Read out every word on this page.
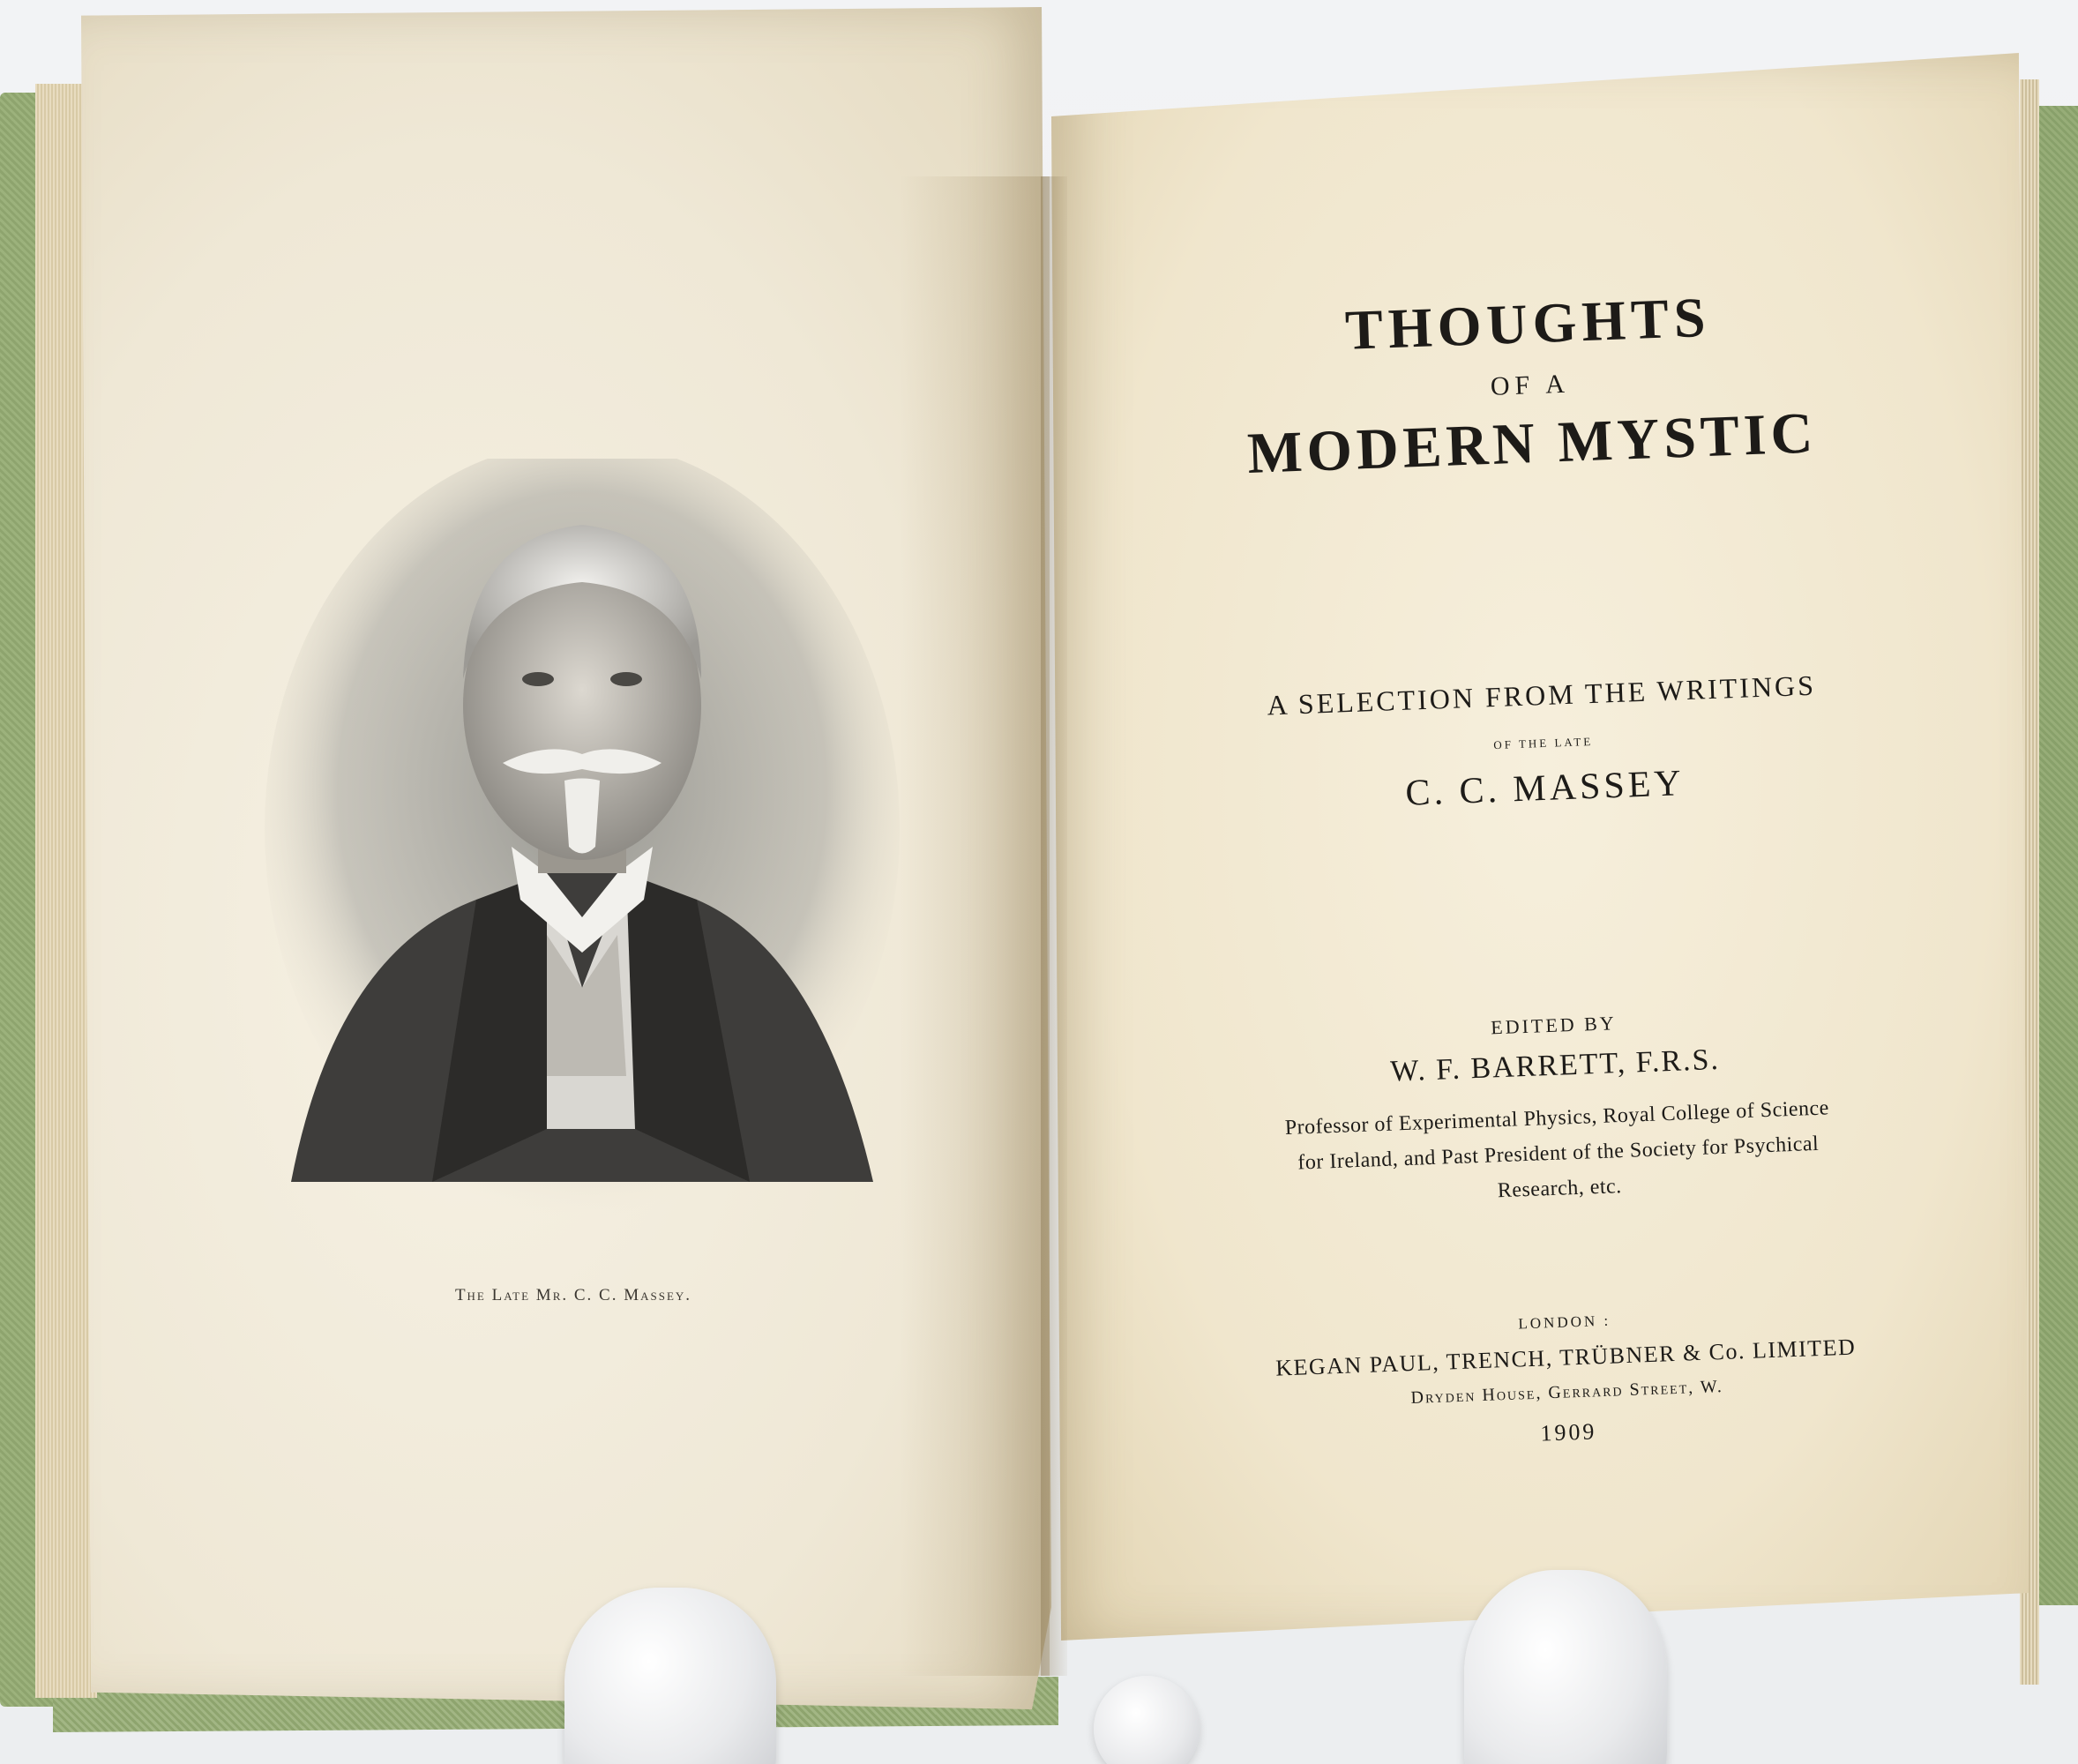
The Late Mr. C. C. Massey.
THOUGHTS
OF A
MODERN MYSTIC
A SELECTION FROM THE WRITINGS
OF THE LATE
C. C. MASSEY
EDITED BY
W. F. BARRETT, F.R.S.
Professor of Experimental Physics, Royal College of Science
for Ireland, and Past President of the Society for Psychical
Research, etc.
LONDON :
KEGAN PAUL, TRENCH, TRÜBNER & Co. LIMITED
Dryden House, Gerrard Street, W.
1909
